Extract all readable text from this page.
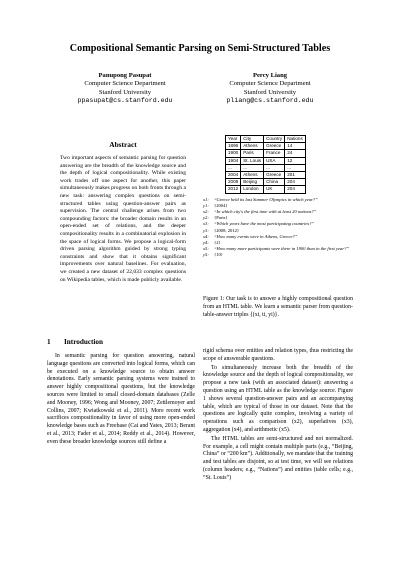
Compositional Semantic Parsing on Semi-Structured Tables
Panupong Pasupat
Computer Science Department
Stanford University
ppasupat@cs.stanford.edu
Percy Liang
Computer Science Department
Stanford University
pliang@cs.stanford.edu
Abstract
Two important aspects of semantic parsing for question answering are the breadth of the knowledge source and the depth of logical compositionality. While existing work trades off one aspect for another, this paper simultaneously makes progress on both fronts through a new task: answering complex questions on semi-structured tables using question-answer pairs as supervision. The central challenge arises from two compounding factors: the broader domain results in an open-ended set of relations, and the deeper compositionality results in a combinatorial explosion in the space of logical forms. We propose a logical-form driven parsing algorithm guided by strong typing constraints and show that it obtains significant improvements over natural baselines. For evaluation, we created a new dataset of 22,033 complex questions on Wikipedia tables, which is made publicly available.
1 Introduction

In semantic parsing for question answering, natural language questions are converted into logical forms, which can be executed on a knowledge source to obtain answer denotations. Early semantic parsing systems were trained to answer highly compositional questions, but the knowledge sources were limited to small closed-domain databases (Zelle and Mooney, 1996; Wong and Mooney, 2007; Zettlemoyer and Collins, 2007; Kwiatkowski et al., 2011). More recent work sacrifices compositionality in favor of using more open-ended knowledge bases such as Freebase (Cai and Yates, 2013; Berant et al., 2013; Fader et al., 2014; Reddy et al., 2014). However, even these broader knowledge sources still define a

Year	City	Country	Nations
1896	Athens	Greece	14
1900	Paris	France	24
1904	St. Louis	USA	12
...	...	...	...
2004	Athens	Greece	201
2008	Beijing	China	204
2012	London	UK	204
x1: “Greece held its last Summer Olympics in which year?”
y1: {2004}
x2: “In which city's the first time with at least 20 nations?”
y2: {Paris}
x3: “Which years have the most participating countries?”
y3: {2008, 2012}
x4: “How many events were in Athens, Greece?”
y4: {2}
x5: “How many more participants were there in 1900 than in the first year?”
y5: {10}
Figure 1: Our task is to answer a highly compositional question from an HTML table. We learn a semantic parser from question-table-answer triples {(xi, ti, yi)}.

rigid schema over entities and relation types, thus restricting the scope of answerable questions.

To simultaneously increase both the breadth of the knowledge source and the depth of logical compositionality, we propose a new task (with an associated dataset): answering a question using an HTML table as the knowledge source. Figure 1 shows several question-answer pairs and an accompanying table, which are typical of those in our dataset. Note that the questions are logically quite complex, involving a variety of operations such as comparison (x2), superlatives (x3), aggregation (x4), and arithmetic (x5).

The HTML tables are semi-structured and not normalized. For example, a cell might contain multiple parts (e.g., “Beijing, China” or “200 km”). Additionally, we mandate that the training and test tables are disjoint, so at test time, we will see relations (column headers; e.g., “Nations”) and entities (table cells; e.g., “St. Louis”)
